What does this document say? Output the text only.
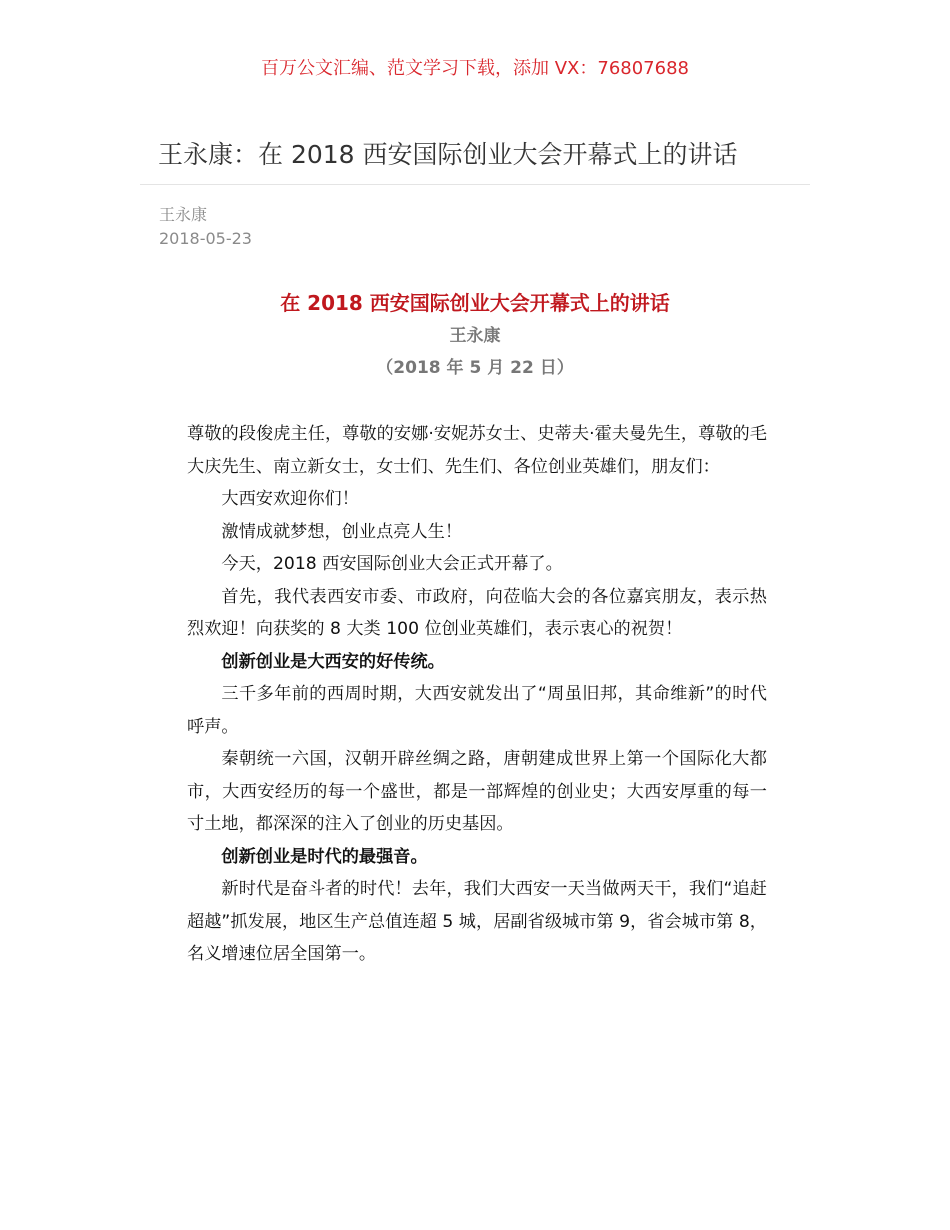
百万公文汇编、范文学习下载，添加 VX：76807688
王永康：在 2018 西安国际创业大会开幕式上的讲话
王永康
2018-05-23
在 2018 西安国际创业大会开幕式上的讲话
王永康
（2018 年 5 月 22 日）

尊敬的段俊虎主任，尊敬的安娜·安妮苏女士、史蒂夫·霍夫曼先生，尊敬的毛大庆先生、南立新女士，女士们、先生们、各位创业英雄们，朋友们：

大西安欢迎你们！

激情成就梦想，创业点亮人生！

今天，2018 西安国际创业大会正式开幕了。

首先，我代表西安市委、市政府，向莅临大会的各位嘉宾朋友，表示热烈欢迎！向获奖的 8 大类 100 位创业英雄们，表示衷心的祝贺！

创新创业是大西安的好传统。

三千多年前的西周时期，大西安就发出了“周虽旧邦，其命维新”的时代呼声。

秦朝统一六国，汉朝开辟丝绸之路，唐朝建成世界上第一个国际化大都市，大西安经历的每一个盛世，都是一部辉煌的创业史；大西安厚重的每一寸土地，都深深的注入了创业的历史基因。

创新创业是时代的最强音。

新时代是奋斗者的时代！去年，我们大西安一天当做两天干，我们“追赶超越”抓发展，地区生产总值连超 5 城，居副省级城市第 9，省会城市第 8，名义增速位居全国第一。
